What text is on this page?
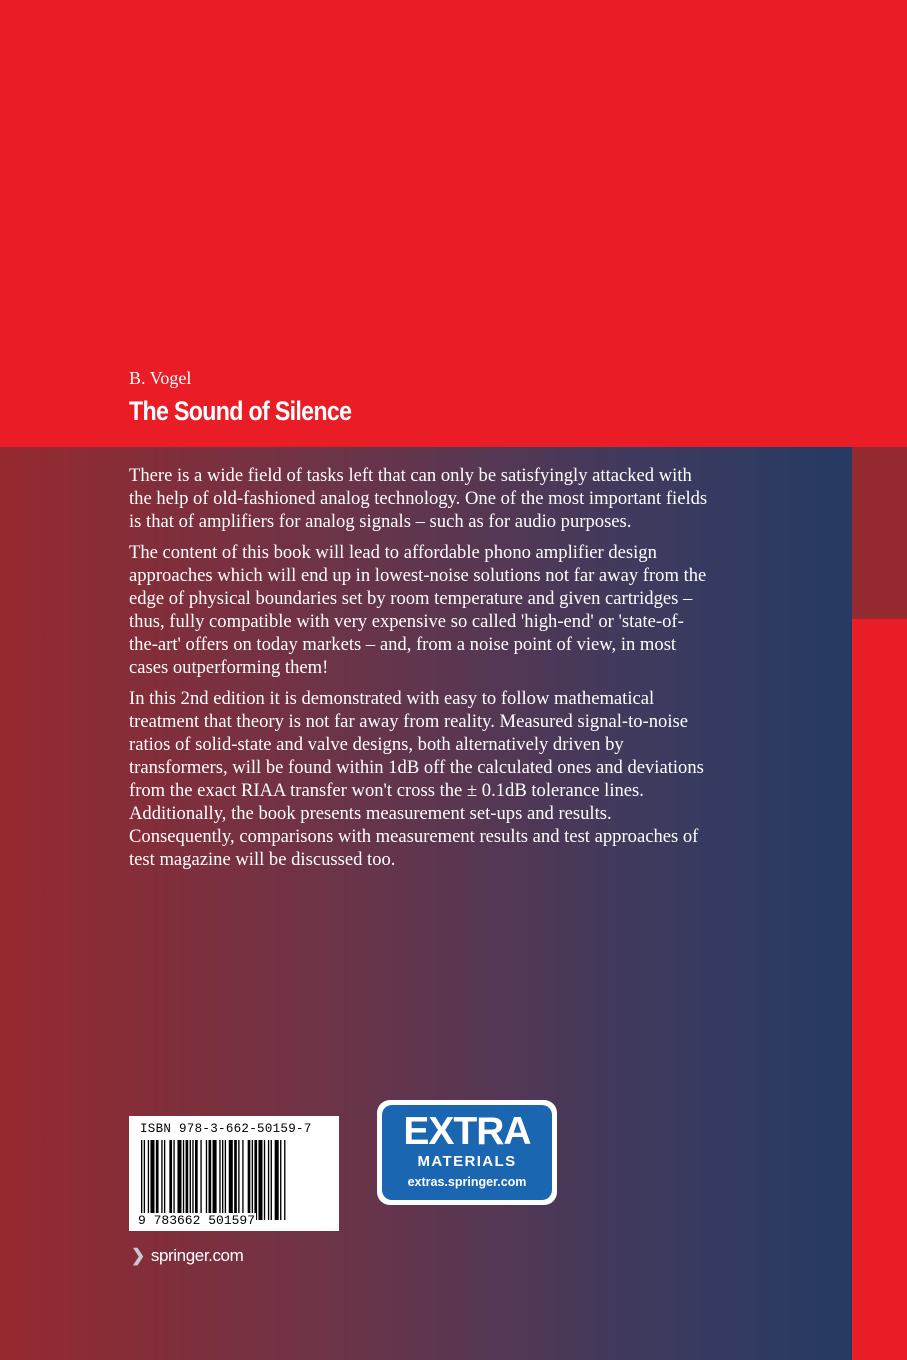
B. Vogel
The Sound of Silence

There is a wide field of tasks left that can only be satisfyingly attacked with the help of old-fashioned analog technology. One of the most important fields is that of amplifiers for analog signals – such as for audio purposes.

The content of this book will lead to affordable phono amplifier design approaches which will end up in lowest-noise solutions not far away from the edge of physical boundaries set by room temperature and given cartridges – thus, fully compatible with very expensive so called 'high-end' or 'state-of-the-art' offers on today markets – and, from a noise point of view, in most cases outperforming them!

In this 2nd edition it is demonstrated with easy to follow mathematical treatment that theory is not far away from reality. Measured signal-to-noise ratios of solid-state and valve designs, both alternatively driven by transformers, will be found within 1dB off the calculated ones and deviations from the exact RIAA transfer won't cross the ± 0.1dB tolerance lines. Additionally, the book presents measurement set-ups and results. Consequently, comparisons with measurement results and test approaches of test magazine will be discussed too.

ISBN 978-3-662-50159-7
9 783662 501597
EXTRA
MATERIALS
extras.springer.com
❯ springer.com
